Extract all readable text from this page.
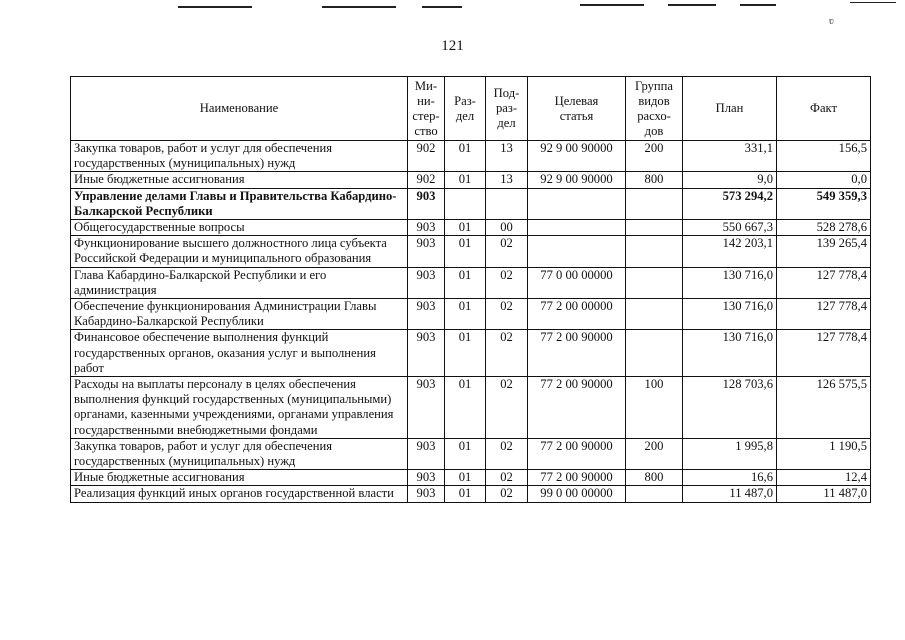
ʋ
121
Наименование	Ми-
ни-
стер-
ство	Раз-
дел	Под-
раз-
дел	Целевая
статья	Группа
видов
расхо-
дов	План	Факт
Закупка товаров, работ и услуг для обеспечения государственных (муниципальных) нужд	902	01	13	92 9 00 90000	200	331,1	156,5
Иные бюджетные ассигнования	902	01	13	92 9 00 90000	800	9,0	0,0
Управление делами Главы и Правительства Кабардино-Балкарской Республики	903					573 294,2	549 359,3
Общегосударственные вопросы	903	01	00			550 667,3	528 278,6
Функционирование высшего должностного лица субъекта Российской Федерации и муниципального образования	903	01	02			142 203,1	139 265,4
Глава Кабардино-Балкарской Республики и его администрация	903	01	02	77 0 00 00000		130 716,0	127 778,4
Обеспечение функционирования Администрации Главы Кабардино-Балкарской Республики	903	01	02	77 2 00 00000		130 716,0	127 778,4
Финансовое обеспечение выполнения функций государственных органов, оказания услуг и выполнения работ	903	01	02	77 2 00 90000		130 716,0	127 778,4
Расходы на выплаты персоналу в целях обеспечения выполнения функций государственных (муниципальными) органами, казенными учреждениями, органами управления государственными внебюджетными фондами	903	01	02	77 2 00 90000	100	128 703,6	126 575,5
Закупка товаров, работ и услуг для обеспечения государственных (муниципальных) нужд	903	01	02	77 2 00 90000	200	1 995,8	1 190,5
Иные бюджетные ассигнования	903	01	02	77 2 00 90000	800	16,6	12,4
Реализация функций иных органов государственной власти	903	01	02	99 0 00 00000		11 487,0	11 487,0
